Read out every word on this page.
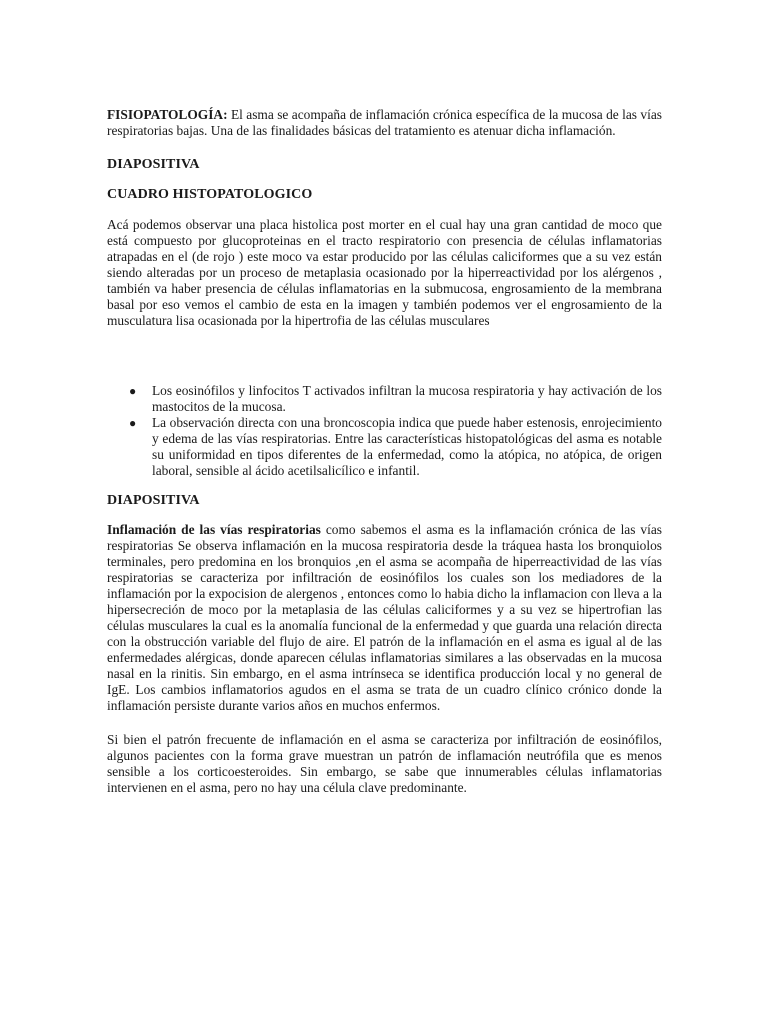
FISIOPATOLOGÍA: El asma se acompaña de inflamación crónica específica de la mucosa de las vías respiratorias bajas. Una de las finalidades básicas del tratamiento es atenuar dicha inflamación.

DIAPOSITIVA

CUADRO HISTOPATOLOGICO

Acá podemos observar una placa histolica post morter en el cual hay una gran cantidad de moco que está compuesto por glucoproteinas en el tracto respiratorio con presencia de células inflamatorias atrapadas en el (de rojo ) este moco va estar producido por las células caliciformes que a su vez están siendo alteradas por un proceso de metaplasia ocasionado por la hiperreactividad por los alérgenos , también va haber presencia de células inflamatorias en la submucosa, engrosamiento de la membrana basal por eso vemos el cambio de esta en la imagen y también podemos ver el engrosamiento de la musculatura lisa ocasionada por la hipertrofia de las células musculares

● Los eosinófilos y linfocitos T activados infiltran la mucosa respiratoria y hay activación de los mastocitos de la mucosa.
● La observación directa con una broncoscopia indica que puede haber estenosis, enrojecimiento y edema de las vías respiratorias. Entre las características histopatológicas del asma es notable su uniformidad en tipos diferentes de la enfermedad, como la atópica, no atópica, de origen laboral, sensible al ácido acetilsalicílico e infantil.

DIAPOSITIVA

Inflamación de las vías respiratorias como sabemos el asma es la inflamación crónica de las vías respiratorias Se observa inflamación en la mucosa respiratoria desde la tráquea hasta los bronquiolos terminales, pero predomina en los bronquios ,en el asma se acompaña de hiperreactividad de las vías respiratorias se caracteriza por infiltración de eosinófilos los cuales son los mediadores de la inflamación por la expocision de alergenos , entonces como lo habia dicho la inflamacion con lleva a la hipersecreción de moco por la metaplasia de las células caliciformes y a su vez se hipertrofian las células musculares la cual es la anomalía funcional de la enfermedad y que guarda una relación directa con la obstrucción variable del flujo de aire. El patrón de la inflamación en el asma es igual al de las enfermedades alérgicas, donde aparecen células inflamatorias similares a las observadas en la mucosa nasal en la rinitis. Sin embargo, en el asma intrínseca se identifica producción local y no general de IgE. Los cambios inflamatorios agudos en el asma se trata de un cuadro clínico crónico donde la inflamación persiste durante varios años en muchos enfermos.

Si bien el patrón frecuente de inflamación en el asma se caracteriza por infiltración de eosinófilos, algunos pacientes con la forma grave muestran un patrón de inflamación neutrófila que es menos sensible a los corticoesteroides. Sin embargo, se sabe que innumerables células inflamatorias intervienen en el asma, pero no hay una célula clave predominante.
